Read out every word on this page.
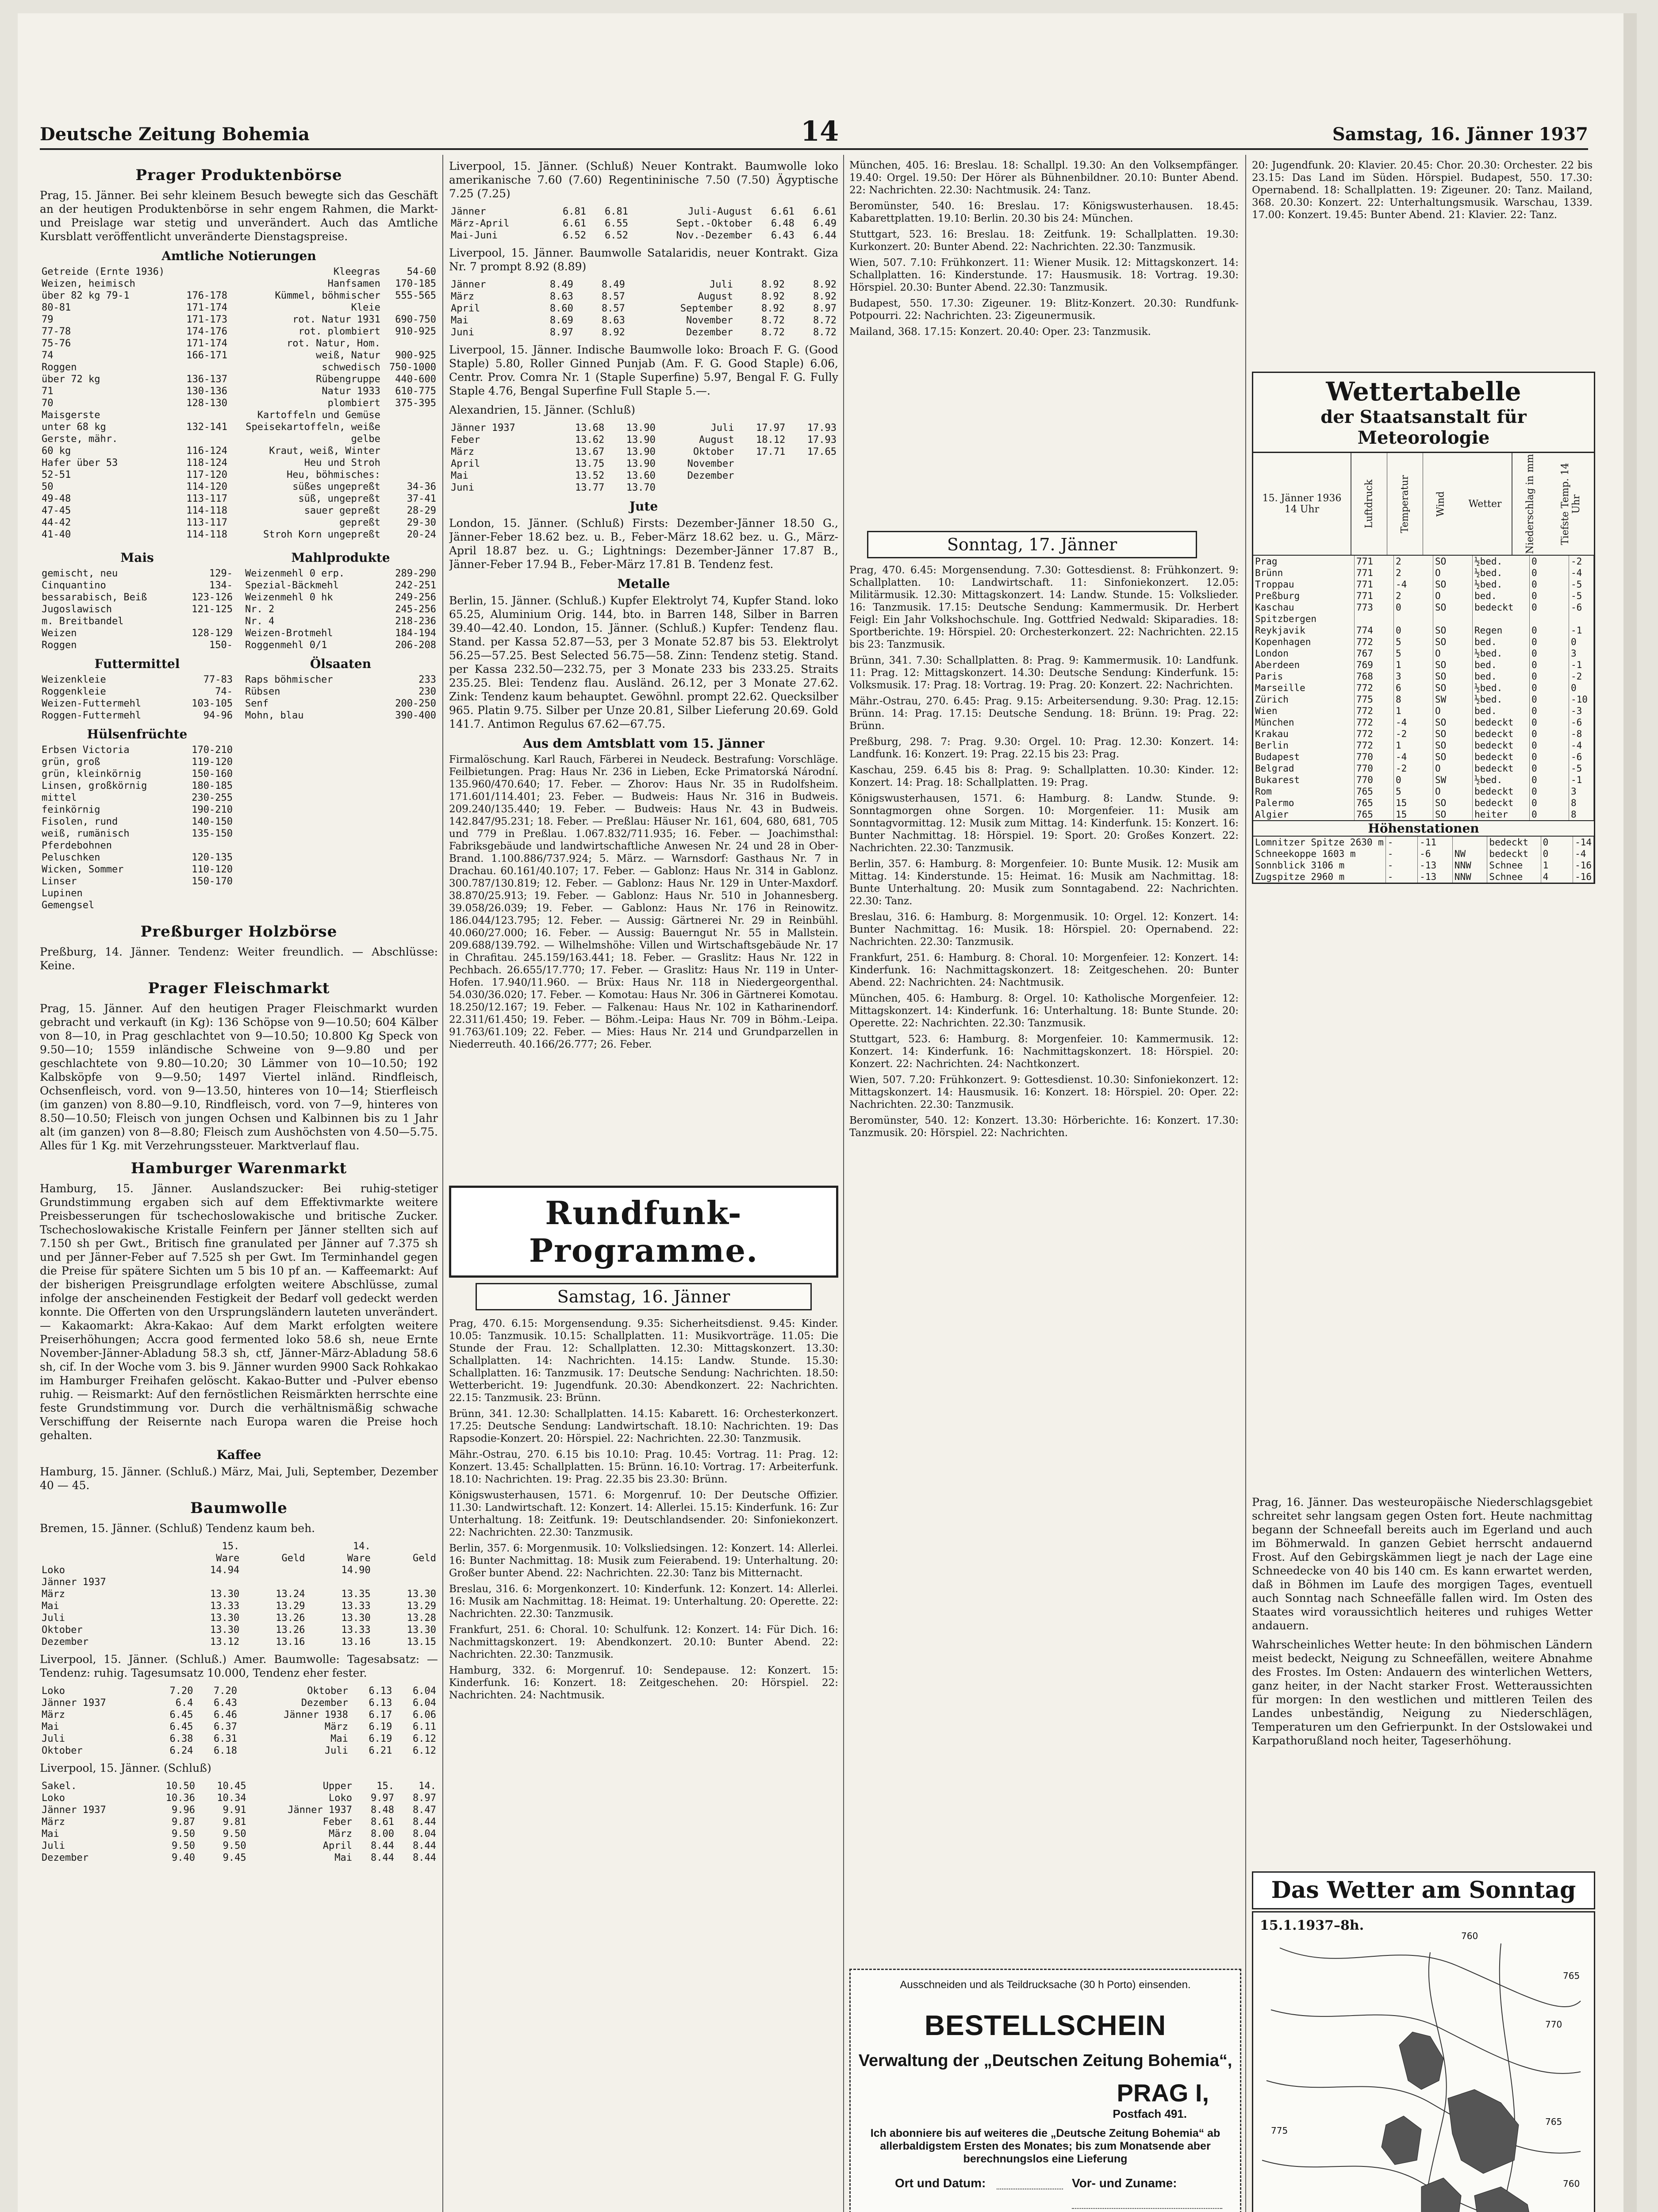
Deutsche Zeitung Bohemia	14	Samstag, 16. Jänner 1937
Prager Produktenbörse

Prag, 15. Jänner. Bei sehr kleinem Besuch bewegte sich das Geschäft an der heutigen Produktenbörse in sehr engem Rahmen, die Markt- und Preislage war stetig und unverändert. Auch das Amtliche Kursblatt veröffentlicht unveränderte Dienstagspreise.

Amtliche Notierungen
Getreide (Ernte 1936)		Kleegras	54-60
Weizen, heimisch		Hanfsamen	170-185
über 82 kg 79-1	176-178	Kümmel, böhmischer	555-565
80-81	171-174	Kleie	
79	171-173	rot. Natur 1931	690-750
77-78	174-176	rot. plombiert	910-925
75-76	171-174	rot. Natur, Hom.	
74	166-171	weiß, Natur	900-925
Roggen		schwedisch	750-1000
über 72 kg	136-137	Rübengruppe	440-600
71	130-136	Natur 1933	610-775
70	128-130	plombiert	375-395
Maisgerste		Kartoffeln und Gemüse	
unter 68 kg	132-141	Speisekartoffeln, weiße	
Gerste, mähr.		gelbe	
60 kg	116-124	Kraut, weiß, Winter	
Hafer über 53	118-124	Heu und Stroh	
52-51	117-120	Heu, böhmisches:	
50	114-120	süßes ungepreßt	34-36
49-48	113-117	süß, ungepreßt	37-41
47-45	114-118	sauer gepreßt	28-29
44-42	113-117	gepreßt	29-30
41-40	114-118	Stroh Korn ungepreßt	20-24
Mais
gemischt, neu	129-
Cinquantino	134-
bessarabisch, Beiß	123-126
Jugoslawisch	121-125
m. Breitbandel	
Weizen	128-129
Roggen	150-
Futtermittel
Weizenkleie	77-83
Roggenkleie	74-
Weizen-Futtermehl	103-105
Roggen-Futtermehl	94-96
Hülsenfrüchte
Erbsen Victoria	170-210
grün, groß	119-120
grün, kleinkörnig	150-160
Linsen, großkörnig	180-185
mittel	230-255
feinkörnig	190-210
Fisolen, rund	140-150
weiß, rumänisch	135-150
Pferdebohnen	
Peluschken	120-135
Wicken, Sommer	110-120
Linser	150-170
Lupinen	
Gemengsel	
Mahlprodukte
Weizenmehl 0 erp.	289-290
Spezial-Bäckmehl	242-251
Weizenmehl 0 hk	249-256
Nr. 2	245-256
Nr. 4	218-236
Weizen-Brotmehl	184-194
Roggenmehl 0/1	206-208
Ölsaaten
Raps böhmischer	233
Rübsen	230
Senf	200-250
Mohn, blau	390-400
Preßburger Holzbörse

Preßburg, 14. Jänner. Tendenz: Weiter freundlich. — Abschlüsse: Keine.

Prager Fleischmarkt

Prag, 15. Jänner. Auf den heutigen Prager Fleischmarkt wurden gebracht und verkauft (in Kg): 136 Schöpse von 9—10.50; 604 Kälber von 8—10, in Prag geschlachtet von 9—10.50; 10.800 Kg Speck von 9.50—10; 1559 inländische Schweine von 9—9.80 und per geschlachtete von 9.80—10.20; 30 Lämmer von 10—10.50; 192 Kalbsköpfe von 9—9.50; 1497 Viertel inländ. Rindfleisch, Ochsenfleisch, vord. von 9—13.50, hinteres von 10—14; Stierfleisch (im ganzen) von 8.80—9.10, Rindfleisch, vord. von 7—9, hinteres von 8.50—10.50; Fleisch von jungen Ochsen und Kalbinnen bis zu 1 Jahr alt (im ganzen) von 8—8.80; Fleisch zum Aushöchsten von 4.50—5.75. Alles für 1 Kg. mit Verzehrungssteuer. Marktverlauf flau.

Hamburger Warenmarkt

Hamburg, 15. Jänner. Auslandszucker: Bei ruhig-stetiger Grundstimmung ergaben sich auf dem Effektivmarkte weitere Preisbesserungen für tschechoslowakische und britische Zucker. Tschechoslowakische Kristalle Feinfern per Jänner stellten sich auf 7.150 sh per Gwt., Britisch fine granulated per Jänner auf 7.375 sh und per Jänner-Feber auf 7.525 sh per Gwt. Im Terminhandel gegen die Preise für spätere Sichten um 5 bis 10 pf an. — Kaffeemarkt: Auf der bisherigen Preisgrundlage erfolgten weitere Abschlüsse, zumal infolge der anscheinenden Festigkeit der Bedarf voll gedeckt werden konnte. Die Offerten von den Ursprungsländern lauteten unverändert. — Kakaomarkt: Akra-Kakao: Auf dem Markt erfolgten weitere Preiserhöhungen; Accra good fermented loko 58.6 sh, neue Ernte November-Jänner-Abladung 58.3 sh, ctf, Jänner-März-Abladung 58.6 sh, cif. In der Woche vom 3. bis 9. Jänner wurden 9900 Sack Rohkakao im Hamburger Freihafen gelöscht. Kakao-Butter und -Pulver ebenso ruhig. — Reismarkt: Auf den fernöstlichen Reismärkten herrschte eine feste Grundstimmung vor. Durch die verhältnismäßig schwache Verschiffung der Reisernte nach Europa waren die Preise hoch gehalten.

Kaffee

Hamburg, 15. Jänner. (Schluß.) März, Mai, Juli, September, Dezember 40 — 45.

Baumwolle

Bremen, 15. Jänner. (Schluß) Tendenz kaum beh.

	15.		14.	
	Ware	Geld	Ware	Geld
Loko	14.94		14.90	
Jänner 1937				
März	13.30	13.24	13.35	13.30
Mai	13.33	13.29	13.33	13.29
Juli	13.30	13.26	13.30	13.28
Oktober	13.30	13.26	13.33	13.30
Dezember	13.12	13.16	13.16	13.15

Liverpool, 15. Jänner. (Schluß.) Amer. Baumwolle: Tagesabsatz: — Tendenz: ruhig. Tagesumsatz 10.000, Tendenz eher fester.

Loko	7.20	7.20	Oktober	6.13	6.04
Jänner 1937	6.4	6.43	Dezember	6.13	6.04
März	6.45	6.46	Jänner 1938	6.17	6.06
Mai	6.45	6.37	März	6.19	6.11
Juli	6.38	6.31	Mai	6.19	6.12
Oktober	6.24	6.18	Juli	6.21	6.12

Liverpool, 15. Jänner. (Schluß)

Sakel.	10.50	10.45	Upper	15.	14.
Loko	10.36	10.34	Loko	9.97	8.97
Jänner 1937	9.96	9.91	Jänner 1937	8.48	8.47
März	9.87	9.81	Feber	8.61	8.44
Mai	9.50	9.50	März	8.00	8.04
Juli	9.50	9.50	April	8.44	8.44
Dezember	9.40	9.45	Mai	8.44	8.44

Liverpool, 15. Jänner. (Schluß) Neuer Kontrakt. Baumwolle loko amerikanische 7.60 (7.60) Regentininische 7.50 (7.50) Ägyptische 7.25 (7.25)

Jänner	6.81	6.81	Juli-August	6.61	6.61
März-April	6.61	6.55	Sept.-Oktober	6.48	6.49
Mai-Juni	6.52	6.52	Nov.-Dezember	6.43	6.44

Liverpool, 15. Jänner. Baumwolle Satalaridis, neuer Kontrakt. Giza Nr. 7 prompt 8.92 (8.89)

Jänner	8.49	8.49	Juli	8.92	8.92
März	8.63	8.57	August	8.92	8.92
April	8.60	8.57	September	8.92	8.97
Mai	8.69	8.63	November	8.72	8.72
Juni	8.97	8.92	Dezember	8.72	8.72

Liverpool, 15. Jänner. Indische Baumwolle loko: Broach F. G. (Good Staple) 5.80, Roller Ginned Punjab (Am. F. G. Good Staple) 6.06, Centr. Prov. Comra Nr. 1 (Staple Superfine) 5.97, Bengal F. G. Fully Staple 4.76, Bengal Superfine Full Staple 5.—.

Alexandrien, 15. Jänner. (Schluß)

Jänner 1937	13.68	13.90	Juli	17.97	17.93
Feber	13.62	13.90	August	18.12	17.93
März	13.67	13.90	Oktober	17.71	17.65
April	13.75	13.90	November		
Mai	13.52	13.60	Dezember		
Juni	13.77	13.70			
Jute

London, 15. Jänner. (Schluß) Firsts: Dezember-Jänner 18.50 G., Jänner-Feber 18.62 bez. u. B., Feber-März 18.62 bez. u. G., März-April 18.87 bez. u. G.; Lightnings: Dezember-Jänner 17.87 B., Jänner-Feber 17.94 B., Feber-März 17.81 B. Tendenz fest.

Metalle

Berlin, 15. Jänner. (Schluß.) Kupfer Elektrolyt 74, Kupfer Stand. loko 65.25, Aluminium Orig. 144, bto. in Barren 148, Silber in Barren 39.40—42.40. London, 15. Jänner. (Schluß.) Kupfer: Tendenz flau. Stand. per Kassa 52.87—53, per 3 Monate 52.87 bis 53. Elektrolyt 56.25—57.25. Best Selected 56.75—58. Zinn: Tendenz stetig. Stand. per Kassa 232.50—232.75, per 3 Monate 233 bis 233.25. Straits 235.25. Blei: Tendenz flau. Ausländ. 26.12, per 3 Monate 27.62. Zink: Tendenz kaum behauptet. Gewöhnl. prompt 22.62. Quecksilber 965. Platin 9.75. Silber per Unze 20.81, Silber Lieferung 20.69. Gold 141.7. Antimon Regulus 67.62—67.75.

Aus dem Amtsblatt vom 15. Jänner

Firmalöschung. Karl Rauch, Färberei in Neudeck. Bestrafung: Vorschläge. Feilbietungen. Prag: Haus Nr. 236 in Lieben, Ecke Primatorská Národní. 135.960/470.640; 17. Feber. — Zhorov: Haus Nr. 35 in Rudolfsheim. 171.601/114.401; 23. Feber. — Budweis: Haus Nr. 316 in Budweis. 209.240/135.440; 19. Feber. — Budweis: Haus Nr. 43 in Budweis. 142.847/95.231; 18. Feber. — Preßlau: Häuser Nr. 161, 604, 680, 681, 705 und 779 in Preßlau. 1.067.832/711.935; 16. Feber. — Joachimsthal: Fabriksgebäude und landwirtschaftliche Anwesen Nr. 24 und 28 in Ober-Brand. 1.100.886/737.924; 5. März. — Warnsdorf: Gasthaus Nr. 7 in Drachau. 60.161/40.107; 17. Feber. — Gablonz: Haus Nr. 314 in Gablonz. 300.787/130.819; 12. Feber. — Gablonz: Haus Nr. 129 in Unter-Maxdorf. 38.870/25.913; 19. Feber. — Gablonz: Haus Nr. 510 in Johannesberg. 39.058/26.039; 19. Feber. — Gablonz: Haus Nr. 176 in Reinowitz. 186.044/123.795; 12. Feber. — Aussig: Gärtnerei Nr. 29 in Reinbühl. 40.060/27.000; 16. Feber. — Aussig: Bauerngut Nr. 55 in Mallstein. 209.688/139.792. — Wilhelmshöhe: Villen und Wirtschaftsgebäude Nr. 17 in Chrafitau. 245.159/163.441; 18. Feber. — Graslitz: Haus Nr. 122 in Pechbach. 26.655/17.770; 17. Feber. — Graslitz: Haus Nr. 119 in Unter-Hofen. 17.940/11.960. — Brüx: Haus Nr. 118 in Niedergeorgenthal. 54.030/36.020; 17. Feber. — Komotau: Haus Nr. 306 in Gärtnerei Komotau. 18.250/12.167; 19. Feber. — Falkenau: Haus Nr. 102 in Katharinendorf. 22.311/61.450; 19. Feber. — Böhm.-Leipa: Haus Nr. 709 in Böhm.-Leipa. 91.763/61.109; 22. Feber. — Mies: Haus Nr. 214 und Grundparzellen in Niederreuth. 40.166/26.777; 26. Feber.

Rundfunk-Programme.
Samstag, 16. Jänner

Prag, 470. 6.15: Morgensendung. 9.35: Sicherheitsdienst. 9.45: Kinder. 10.05: Tanzmusik. 10.15: Schallplatten. 11: Musikvorträge. 11.05: Die Stunde der Frau. 12: Schallplatten. 12.30: Mittagskonzert. 13.30: Schallplatten. 14: Nachrichten. 14.15: Landw. Stunde. 15.30: Schallplatten. 16: Tanzmusik. 17: Deutsche Sendung: Nachrichten. 18.50: Wetterbericht. 19: Jugendfunk. 20.30: Abendkonzert. 22: Nachrichten. 22.15: Tanzmusik. 23: Brünn.

Brünn, 341. 12.30: Schallplatten. 14.15: Kabarett. 16: Orchesterkonzert. 17.25: Deutsche Sendung: Landwirtschaft. 18.10: Nachrichten. 19: Das Rapsodie-Konzert. 20: Hörspiel. 22: Nachrichten. 22.30: Tanzmusik.

Mähr.-Ostrau, 270. 6.15 bis 10.10: Prag. 10.45: Vortrag. 11: Prag. 12: Konzert. 13.45: Schallplatten. 15: Brünn. 16.10: Vortrag. 17: Arbeiterfunk. 18.10: Nachrichten. 19: Prag. 22.35 bis 23.30: Brünn.

Königswusterhausen, 1571. 6: Morgenruf. 10: Der Deutsche Offizier. 11.30: Landwirtschaft. 12: Konzert. 14: Allerlei. 15.15: Kinderfunk. 16: Zur Unterhaltung. 18: Zeitfunk. 19: Deutschlandsender. 20: Sinfoniekonzert. 22: Nachrichten. 22.30: Tanzmusik.

Berlin, 357. 6: Morgenmusik. 10: Volksliedsingen. 12: Konzert. 14: Allerlei. 16: Bunter Nachmittag. 18: Musik zum Feierabend. 19: Unterhaltung. 20: Großer bunter Abend. 22: Nachrichten. 22.30: Tanz bis Mitternacht.

Breslau, 316. 6: Morgenkonzert. 10: Kinderfunk. 12: Konzert. 14: Allerlei. 16: Musik am Nachmittag. 18: Heimat. 19: Unterhaltung. 20: Operette. 22: Nachrichten. 22.30: Tanzmusik.

Frankfurt, 251. 6: Choral. 10: Schulfunk. 12: Konzert. 14: Für Dich. 16: Nachmittagskonzert. 19: Abendkonzert. 20.10: Bunter Abend. 22: Nachrichten. 22.30: Tanzmusik.

Hamburg, 332. 6: Morgenruf. 10: Sendepause. 12: Konzert. 15: Kinderfunk. 16: Konzert. 18: Zeitgeschehen. 20: Hörspiel. 22: Nachrichten. 24: Nachtmusik.

München, 405. 16: Breslau. 18: Schallpl. 19.30: An den Volksempfänger. 19.40: Orgel. 19.50: Der Hörer als Bühnenbildner. 20.10: Bunter Abend. 22: Nachrichten. 22.30: Nachtmusik. 24: Tanz.

Beromünster, 540. 16: Breslau. 17: Königswusterhausen. 18.45: Kabarettplatten. 19.10: Berlin. 20.30 bis 24: München.

Stuttgart, 523. 16: Breslau. 18: Zeitfunk. 19: Schallplatten. 19.30: Kurkonzert. 20: Bunter Abend. 22: Nachrichten. 22.30: Tanzmusik.

Wien, 507. 7.10: Frühkonzert. 11: Wiener Musik. 12: Mittagskonzert. 14: Schallplatten. 16: Kinderstunde. 17: Hausmusik. 18: Vortrag. 19.30: Hörspiel. 20.30: Bunter Abend. 22.30: Tanzmusik.

Budapest, 550. 17.30: Zigeuner. 19: Blitz-Konzert. 20.30: Rundfunk-Potpourri. 22: Nachrichten. 23: Zigeunermusik.

Mailand, 368. 17.15: Konzert. 20.40: Oper. 23: Tanzmusik.

Sonntag, 17. Jänner

Prag, 470. 6.45: Morgensendung. 7.30: Gottesdienst. 8: Frühkonzert. 9: Schallplatten. 10: Landwirtschaft. 11: Sinfoniekonzert. 12.05: Militärmusik. 12.30: Mittagskonzert. 14: Landw. Stunde. 15: Volkslieder. 16: Tanzmusik. 17.15: Deutsche Sendung: Kammermusik. Dr. Herbert Feigl: Ein Jahr Volkshochschule. Ing. Gottfried Nedwald: Skiparadies. 18: Sportberichte. 19: Hörspiel. 20: Orchesterkonzert. 22: Nachrichten. 22.15 bis 23: Tanzmusik.

Brünn, 341. 7.30: Schallplatten. 8: Prag. 9: Kammermusik. 10: Landfunk. 11: Prag. 12: Mittagskonzert. 14.30: Deutsche Sendung: Kinderfunk. 15: Volksmusik. 17: Prag. 18: Vortrag. 19: Prag. 20: Konzert. 22: Nachrichten.

Mähr.-Ostrau, 270. 6.45: Prag. 9.15: Arbeitersendung. 9.30: Prag. 12.15: Brünn. 14: Prag. 17.15: Deutsche Sendung. 18: Brünn. 19: Prag. 22: Brünn.

Preßburg, 298. 7: Prag. 9.30: Orgel. 10: Prag. 12.30: Konzert. 14: Landfunk. 16: Konzert. 19: Prag. 22.15 bis 23: Prag.

Kaschau, 259. 6.45 bis 8: Prag. 9: Schallplatten. 10.30: Kinder. 12: Konzert. 14: Prag. 18: Schallplatten. 19: Prag.

Königswusterhausen, 1571. 6: Hamburg. 8: Landw. Stunde. 9: Sonntagmorgen ohne Sorgen. 10: Morgenfeier. 11: Musik am Sonntagvormittag. 12: Musik zum Mittag. 14: Kinderfunk. 15: Konzert. 16: Bunter Nachmittag. 18: Hörspiel. 19: Sport. 20: Großes Konzert. 22: Nachrichten. 22.30: Tanzmusik.

Berlin, 357. 6: Hamburg. 8: Morgenfeier. 10: Bunte Musik. 12: Musik am Mittag. 14: Kinderstunde. 15: Heimat. 16: Musik am Nachmittag. 18: Bunte Unterhaltung. 20: Musik zum Sonntagabend. 22: Nachrichten. 22.30: Tanz.

Breslau, 316. 6: Hamburg. 8: Morgenmusik. 10: Orgel. 12: Konzert. 14: Bunter Nachmittag. 16: Musik. 18: Hörspiel. 20: Opernabend. 22: Nachrichten. 22.30: Tanzmusik.

Frankfurt, 251. 6: Hamburg. 8: Choral. 10: Morgenfeier. 12: Konzert. 14: Kinderfunk. 16: Nachmittagskonzert. 18: Zeitgeschehen. 20: Bunter Abend. 22: Nachrichten. 24: Nachtmusik.

München, 405. 6: Hamburg. 8: Orgel. 10: Katholische Morgenfeier. 12: Mittagskonzert. 14: Kinderfunk. 16: Unterhaltung. 18: Bunte Stunde. 20: Operette. 22: Nachrichten. 22.30: Tanzmusik.

Stuttgart, 523. 6: Hamburg. 8: Morgenfeier. 10: Kammermusik. 12: Konzert. 14: Kinderfunk. 16: Nachmittagskonzert. 18: Hörspiel. 20: Konzert. 22: Nachrichten. 24: Nachtkonzert.

Wien, 507. 7.20: Frühkonzert. 9: Gottesdienst. 10.30: Sinfoniekonzert. 12: Mittagskonzert. 14: Hausmusik. 16: Konzert. 18: Hörspiel. 20: Oper. 22: Nachrichten. 22.30: Tanzmusik.

Beromünster, 540. 12: Konzert. 13.30: Hörberichte. 16: Konzert. 17.30: Tanzmusik. 20: Hörspiel. 22: Nachrichten.

20: Jugendfunk. 20: Klavier. 20.45: Chor. 20.30: Orchester. 22 bis 23.15: Das Land im Süden. Hörspiel. Budapest, 550. 17.30: Opernabend. 18: Schallplatten. 19: Zigeuner. 20: Tanz. Mailand, 368. 20.30: Konzert. 22: Unterhaltungsmusik. Warschau, 1339. 17.00: Konzert. 19.45: Bunter Abend. 21: Klavier. 22: Tanz.

Wettertabelle
der Staatsanstalt für Meteorologie
15. Jänner 1936
14 Uhr	Luftdruck	Temperatur	Wind	Wetter	Niederschlag in mm	Tiefste Temp. 14 Uhr
Prag	771	2	SO	½bed.	0	-2
Brünn	771	2	O	½bed.	0	-4
Troppau	771	-4	SO	½bed.	0	-5
Preßburg	771	2	O	bed.	0	-5
Kaschau	773	0	SO	bedeckt	0	-6
Spitzbergen						
Reykjavik	774	0	SO	Regen	0	-1
Kopenhagen	772	5	SO	bed.	0	0
London	767	5	O	½bed.	0	3
Aberdeen	769	1	SO	bed.	0	-1
Paris	768	3	SO	bed.	0	-2
Marseille	772	6	SO	½bed.	0	0
Zürich	775	8	SW	½bed.	0	-10
Wien	772	1	O	bed.	0	-3
München	772	-4	SO	bedeckt	0	-6
Krakau	772	-2	SO	bedeckt	0	-8
Berlin	772	1	SO	bedeckt	0	-4
Budapest	770	-4	SO	bedeckt	0	-6
Belgrad	770	-2	O	bedeckt	0	-5
Bukarest	770	0	SW	½bed.	0	-1
Rom	765	5	O	bedeckt	0	3
Palermo	765	15	SO	bedeckt	0	8
Algier	765	15	SO	heiter	0	8
Höhenstationen
Lomnitzer Spitze 2630 m	-	-11		bedeckt	0	-14
Schneekoppe 1603 m	-	-6	NW	bedeckt	0	-4
Sonnblick 3106 m	-	-13	NNW	Schnee	1	-16
Zugspitze 2960 m	-	-13	NNW	Schnee	4	-16

Prag, 16. Jänner. Das westeuropäische Niederschlagsgebiet schreitet sehr langsam gegen Osten fort. Heute nachmittag begann der Schneefall bereits auch im Egerland und auch im Böhmerwald. In ganzen Gebiet herrscht andauernd Frost. Auf den Gebirgskämmen liegt je nach der Lage eine Schneedecke von 40 bis 140 cm. Es kann erwartet werden, daß in Böhmen im Laufe des morgigen Tages, eventuell auch Sonntag nach Schneefälle fallen wird. Im Osten des Staates wird voraussichtlich heiteres und ruhiges Wetter andauern.

Wahrscheinliches Wetter heute: In den böhmischen Ländern meist bedeckt, Neigung zu Schneefällen, weitere Abnahme des Frostes. Im Osten: Andauern des winterlichen Wetters, ganz heiter, in der Nacht starker Frost. Wetteraussichten für morgen: In den westlichen und mittleren Teilen des Landes unbeständig, Neigung zu Niederschlägen, Temperaturen um den Gefrierpunkt. In der Ostslowakei und Karpathorußland noch heiter, Tageserhöhung.

Das Wetter am Sonntag
15.1.1937–8h.
760
765
770
775
765
760
Ausschneiden und als Teildrucksache (30 h Porto) einsenden.
BESTELLSCHEIN
Verwaltung der „Deutschen Zeitung Bohemia“,
PRAG I,
Postfach 491.
Ich abonniere bis auf weiteres die „Deutsche Zeitung Bohemia“ ab allerbaldigstem Ersten des Monates; bis zum Monatsende aber berechnungslos eine Lieferung
Ort und Datum:	Vor- und Zuname:
